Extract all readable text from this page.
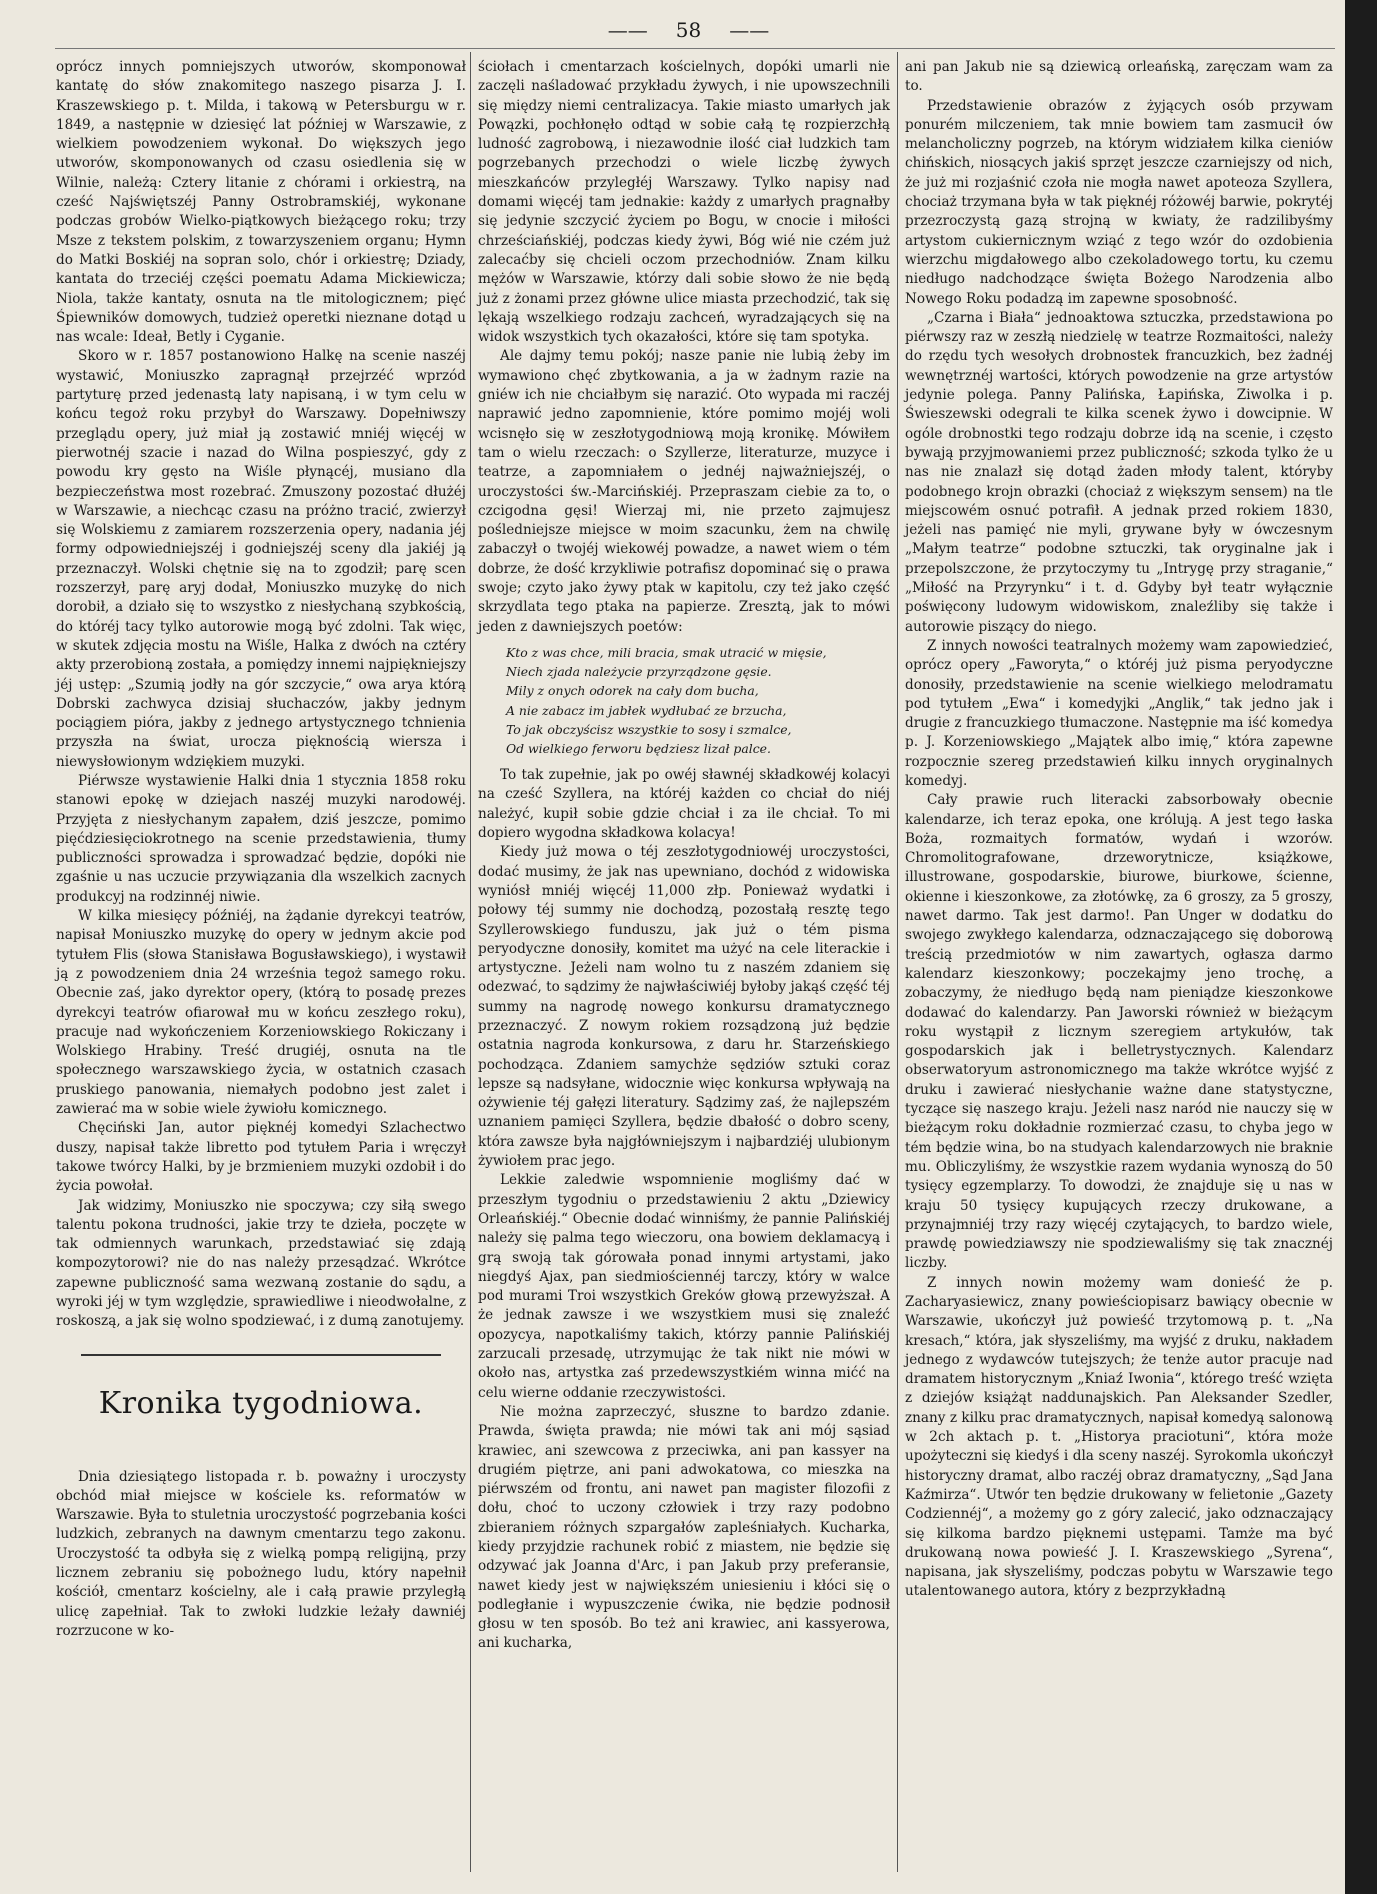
—— 58 ——

oprócz innych pomniejszych utworów, skomponował kantatę do słów znakomitego naszego pisarza J. I. Kraszewskiego p. t. Milda, i takową w Petersburgu w r. 1849, a następnie w dziesięć lat później w Warszawie, z wielkiem powodzeniem wykonał. Do większych jego utworów, skomponowanych od czasu osiedlenia się w Wilnie, należą: Cztery litanie z chórami i orkiestrą, na cześć Najświętszéj Panny Ostrobramskiéj, wykonane podczas grobów Wielko-piątkowych bieżącego roku; trzy Msze z tekstem polskim, z towarzyszeniem organu; Hymn do Matki Boskiéj na sopran solo, chór i orkiestrę; Dziady, kantata do trzeciéj części poematu Adama Mickiewicza; Niola, także kantaty, osnuta na tle mitologicznem; pięć Śpiewników domowych, tudzież operetki nieznane dotąd u nas wcale: Ideał, Betly i Cyganie.

Skoro w r. 1857 postanowiono Halkę na scenie naszéj wystawić, Moniuszko zapragnął przejrzéć wprzód partyturę przed jedenastą laty napisaną, i w tym celu w końcu tegoż roku przybył do Warszawy. Dopełniwszy przeglądu opery, już miał ją zostawić mniéj więcéj w pierwotnéj szacie i nazad do Wilna pospieszyć, gdy z powodu kry gęsto na Wiśle płynącéj, musiano dla bezpieczeństwa most rozebrać. Zmuszony pozostać dłużéj w Warszawie, a niechcąc czasu na próżno tracić, zwierzył się Wolskiemu z zamiarem rozszerzenia opery, nadania jéj formy odpowiedniejszéj i godniejszéj sceny dla jakiéj ją przeznaczył. Wolski chętnie się na to zgodził; parę scen rozszerzył, parę aryj dodał, Moniuszko muzykę do nich dorobił, a działo się to wszystko z niesłychaną szybkością, do któréj tacy tylko autorowie mogą być zdolni. Tak więc, w skutek zdjęcia mostu na Wiśle, Halka z dwóch na cztéry akty przerobioną została, a pomiędzy innemi najpiękniejszy jéj ustęp: „Szumią jodły na gór szczycie,“ owa arya którą Dobrski zachwyca dzisiaj słuchaczów, jakby jednym pociągiem pióra, jakby z jednego artystycznego tchnienia przyszła na świat, urocza pięknością wiersza i niewysłowionym wdziękiem muzyki.

Piérwsze wystawienie Halki dnia 1 stycznia 1858 roku stanowi epokę w dziejach naszéj muzyki narodowéj. Przyjęta z niesłychanym zapałem, dziś jeszcze, pomimo pięćdziesięciokrotnego na scenie przedstawienia, tłumy publiczności sprowadza i sprowadzać będzie, dopóki nie zgaśnie u nas uczucie przywiązania dla wszelkich zacnych produkcyj na rodzinnéj niwie.

W kilka miesięcy późniéj, na żądanie dyrekcyi teatrów, napisał Moniuszko muzykę do opery w jednym akcie pod tytułem Flis (słowa Stanisława Bogusławskiego), i wystawił ją z powodzeniem dnia 24 września tegoż samego roku. Obecnie zaś, jako dyrektor opery, (którą to posadę prezes dyrekcyi teatrów ofiarował mu w końcu zeszłego roku), pracuje nad wykończeniem Korzeniowskiego Rokiczany i Wolskiego Hrabiny. Treść drugiéj, osnuta na tle społecznego warszawskiego życia, w ostatnich czasach pruskiego panowania, niemałych podobno jest zalet i zawierać ma w sobie wiele żywiołu komicznego.

Chęciński Jan, autor pięknéj komedyi Szlachectwo duszy, napisał także libretto pod tytułem Paria i wręczył takowe twórcy Halki, by je brzmieniem muzyki ozdobił i do życia powołał.

Jak widzimy, Moniuszko nie spoczywa; czy siłą swego talentu pokona trudności, jakie trzy te dzieła, poczęte w tak odmiennych warunkach, przedstawiać się zdają kompozytorowi? nie do nas należy przesądzać. Wkrótce zapewne publiczność sama wezwaną zostanie do sądu, a wyroki jéj w tym względzie, sprawiedliwe i nieodwołalne, z roskoszą, a jak się wolno spodziewać, i z dumą zanotujemy.

Kronika tygodniowa.

Dnia dziesiątego listopada r. b. poważny i uroczysty obchód miał miejsce w kościele ks. reformatów w Warszawie. Była to stuletnia uroczystość pogrzebania kości ludzkich, zebranych na dawnym cmentarzu tego zakonu. Uroczystość ta odbyła się z wielką pompą religijną, przy licznem zebraniu się pobożnego ludu, który napełnił kościół, cmentarz kościelny, ale i całą prawie przyległą ulicę zapełniał. Tak to zwłoki ludzkie leżały dawniéj rozrzucone w ko-

ściołach i cmentarzach kościelnych, dopóki umarli nie zaczęli naśladować przykładu żywych, i nie upowszechnili się między niemi centralizacya. Takie miasto umarłych jak Powązki, pochłonęło odtąd w sobie całą tę rozpierzchłą ludność zagrobową, i niezawodnie ilość ciał ludzkich tam pogrzebanych przechodzi o wiele liczbę żywych mieszkańców przyległéj Warszawy. Tylko napisy nad domami więcéj tam jednakie: każdy z umarłych pragnałby się jedynie szczycić życiem po Bogu, w cnocie i miłości chrześciańskiéj, podczas kiedy żywi, Bóg wié nie czém już zalecaćby się chcieli oczom przechodniów. Znam kilku mężów w Warszawie, którzy dali sobie słowo że nie będą już z żonami przez główne ulice miasta przechodzić, tak się lękają wszelkiego rodzaju zachceń, wyradzających się na widok wszystkich tych okazałości, które się tam spotyka.

Ale dajmy temu pokój; nasze panie nie lubią żeby im wymawiono chęć zbytkowania, a ja w żadnym razie na gniéw ich nie chciałbym się narazić. Oto wypada mi raczéj naprawić jedno zapomnienie, które pomimo mojéj woli wcisnęło się w zeszłotygodniową moją kronikę. Mówiłem tam o wielu rzeczach: o Szyllerze, literaturze, muzyce i teatrze, a zapomniałem o jednéj najważniejszéj, o uroczystości św.-Marcińskiéj. Przepraszam ciebie za to, o czcigodna gęsi! Wierzaj mi, nie przeto zajmujesz pośledniejsze miejsce w moim szacunku, żem na chwilę zabaczył o twojéj wiekowéj powadze, a nawet wiem o tém dobrze, że dość krzykliwie potrafisz dopominać się o prawa swoje; czyto jako żywy ptak w kapitolu, czy też jako część skrzydlata tego ptaka na papierze. Zresztą, jak to mówi jeden z dawniejszych poetów:

Kto z was chce, mili bracia, smak utracić w mięsie,
Niech zjada należycie przyrządzone gęsie.
Mily z onych odorek na cały dom bucha,
A nie zabacz im jabłek wydłubać ze brzucha,
To jak obczyścisz wszystkie to sosy i szmalce,
Od wielkiego ferworu będziesz lizał palce.

To tak zupełnie, jak po owéj sławnéj składkowéj kolacyi na cześć Szyllera, na któréj każden co chciał do niéj należyć, kupił sobie gdzie chciał i za ile chciał. To mi dopiero wygodna składkowa kolacya!

Kiedy już mowa o téj zeszłotygodniowéj uroczystości, dodać musimy, że jak nas upewniano, dochód z widowiska wyniósł mniéj więcéj 11,000 złp. Ponieważ wydatki i połowy téj summy nie dochodzą, pozostałą resztę tego Szyllerowskiego funduszu, jak już o tém pisma peryodyczne donosiły, komitet ma użyć na cele literackie i artystyczne. Jeżeli nam wolno tu z naszém zdaniem się odezwać, to sądzimy że najwłaściwiéj byłoby jakąś część téj summy na nagrodę nowego konkursu dramatycznego przeznaczyć. Z nowym rokiem rozsądzoną już będzie ostatnia nagroda konkursowa, z daru hr. Starzeńskiego pochodząca. Zdaniem samychże sędziów sztuki coraz lepsze są nadsyłane, widocznie więc konkursa wpływają na ożywienie téj gałęzi literatury. Sądzimy zaś, że najlepszém uznaniem pamięci Szyllera, będzie dbałość o dobro sceny, która zawsze była najgłówniejszym i najbardziéj ulubionym żywiołem prac jego.

Lekkie zaledwie wspomnienie mogliśmy dać w przeszłym tygodniu o przedstawieniu 2 aktu „Dziewicy Orleańskiéj.“ Obecnie dodać winniśmy, że pannie Palińskiéj należy się palma tego wieczoru, ona bowiem deklamacyą i grą swoją tak górowała ponad innymi artystami, jako niegdyś Ajax, pan siedmiościennéj tarczy, który w walce pod murami Troi wszystkich Greków głową przewyższał. A że jednak zawsze i we wszystkiem musi się znaleźć opozycya, napotkaliśmy takich, którzy pannie Palińskiéj zarzucali przesadę, utrzymując że tak nikt nie mówi w około nas, artystka zaś przedewszystkiém winna mićć na celu wierne oddanie rzeczywistości.

Nie można zaprzeczyć, słuszne to bardzo zdanie. Prawda, święta prawda; nie mówi tak ani mój sąsiad krawiec, ani szewcowa z przeciwka, ani pan kassyer na drugiém piętrze, ani pani adwokatowa, co mieszka na piérwszém od frontu, ani nawet pan magister filozofii z dołu, choć to uczony człowiek i trzy razy podobno zbieraniem różnych szpargałów zapleśniałych. Kucharka, kiedy przyjdzie rachunek robić z miastem, nie będzie się odzywać jak Joanna d'Arc, i pan Jakub przy preferansie, nawet kiedy jest w największém uniesieniu i kłóci się o podległanie i wypuszczenie ćwika, nie będzie podnosił głosu w ten sposób. Bo też ani krawiec, ani kassyerowa, ani kucharka,

ani pan Jakub nie są dziewicą orleańską, zaręczam wam za to.

Przedstawienie obrazów z żyjących osób przywam ponurém milczeniem, tak mnie bowiem tam zasmucił ów melancholiczny pogrzeb, na którym widziałem kilka cieniów chińskich, niosących jakiś sprzęt jeszcze czarniejszy od nich, że już mi rozjaśnić czoła nie mogła nawet apoteoza Szyllera, chociaż trzymana była w tak pięknéj różowéj barwie, pokrytéj przezroczystą gazą strojną w kwiaty, że radzilibyśmy artystom cukiernicznym wziąć z tego wzór do ozdobienia wierzchu migdałowego albo czekoladowego tortu, ku czemu niedługo nadchodzące święta Bożego Narodzenia albo Nowego Roku podadzą im zapewne sposobność.

„Czarna i Biała“ jednoaktowa sztuczka, przedstawiona po piérwszy raz w zeszłą niedzielę w teatrze Rozmaitości, należy do rzędu tych wesołych drobnostek francuzkich, bez żadnéj wewnętrznéj wartości, których powodzenie na grze artystów jedynie polega. Panny Palińska, Łapińska, Ziwolka i p. Świeszewski odegrali te kilka scenek żywo i dowcipnie. W ogóle drobnostki tego rodzaju dobrze idą na scenie, i często bywają przyjmowaniemi przez publiczność; szkoda tylko że u nas nie znalazł się dotąd żaden młody talent, któryby podobnego krojn obrazki (chociaż z większym sensem) na tle miejscowém osnuć potrafił. A jednak przed rokiem 1830, jeżeli nas pamięć nie myli, grywane były w ówczesnym „Małym teatrze“ podobne sztuczki, tak oryginalne jak i przepolszczone, że przytoczymy tu „Intrygę przy straganie,“ „Miłość na Przyrynku“ i t. d. Gdyby był teatr wyłącznie poświęcony ludowym widowiskom, znaleźliby się także i autorowie piszący do niego.

Z innych nowości teatralnych możemy wam zapowiedzieć, oprócz opery „Faworyta,“ o któréj już pisma peryodyczne donosiły, przedstawienie na scenie wielkiego melodramatu pod tytułem „Ewa“ i komedyjki „Anglik,“ tak jedno jak i drugie z francuzkiego tłumaczone. Następnie ma iść komedya p. J. Korzeniowskiego „Majątek albo imię,“ która zapewne rozpocznie szereg przedstawień kilku innych oryginalnych komedyj.

Cały prawie ruch literacki zabsorbowały obecnie kalendarze, ich teraz epoka, one królują. A jest tego łaska Boża, rozmaitych formatów, wydań i wzorów. Chromolitografowane, drzeworytnicze, książkowe, illustrowane, gospodarskie, biurowe, biurkowe, ścienne, okienne i kieszonkowe, za złotówkę, za 6 groszy, za 5 groszy, nawet darmo. Tak jest darmo!. Pan Unger w dodatku do swojego zwykłego kalendarza, odznaczającego się doborową treścią przedmiotów w nim zawartych, ogłasza darmo kalendarz kieszonkowy; poczekajmy jeno trochę, a zobaczymy, że niedługo będą nam pieniądze kieszonkowe dodawać do kalendarzy. Pan Jaworski również w bieżącym roku wystąpił z licznym szeregiem artykułów, tak gospodarskich jak i belletrystycznych. Kalendarz obserwatoryum astronomicznego ma także wkrótce wyjść z druku i zawierać niesłychanie ważne dane statystyczne, tyczące się naszego kraju. Jeżeli nasz naród nie nauczy się w bieżącym roku dokładnie rozmierzać czasu, to chyba jego w tém będzie wina, bo na studyach kalendarzowych nie braknie mu. Obliczyliśmy, że wszystkie razem wydania wynoszą do 50 tysięcy egzemplarzy. To dowodzi, że znajduje się u nas w kraju 50 tysięcy kupujących rzeczy drukowane, a przynajmniéj trzy razy więcéj czytających, to bardzo wiele, prawdę powiedziawszy nie spodziewaliśmy się tak znacznéj liczby.

Z innych nowin możemy wam donieść że p. Zacharyasiewicz, znany powieściopisarz bawiący obecnie w Warszawie, ukończył już powieść trzytomową p. t. „Na kresach,“ która, jak słyszeliśmy, ma wyjść z druku, nakładem jednego z wydawców tutejszych; że tenże autor pracuje nad dramatem historycznym „Kniaź Iwonia“, którego treść wzięta z dziejów książąt naddunajskich. Pan Aleksander Szedler, znany z kilku prac dramatycznych, napisał komedyą salonową w 2ch aktach p. t. „Historya praciotuni“, która może upożyteczni się kiedyś i dla sceny naszéj. Syrokomla ukończył historyczny dramat, albo raczéj obraz dramatyczny, „Sąd Jana Kaźmirza“. Utwór ten będzie drukowany w felietonie „Gazety Codziennéj“, a możemy go z góry zalecić, jako odznaczający się kilkoma bardzo pięknemi ustępami. Tamże ma być drukowaną nowa powieść J. I. Kraszewskiego „Syrena“, napisana, jak słyszeliśmy, podczas pobytu w Warszawie tego utalentowanego autora, który z bezprzykładną
